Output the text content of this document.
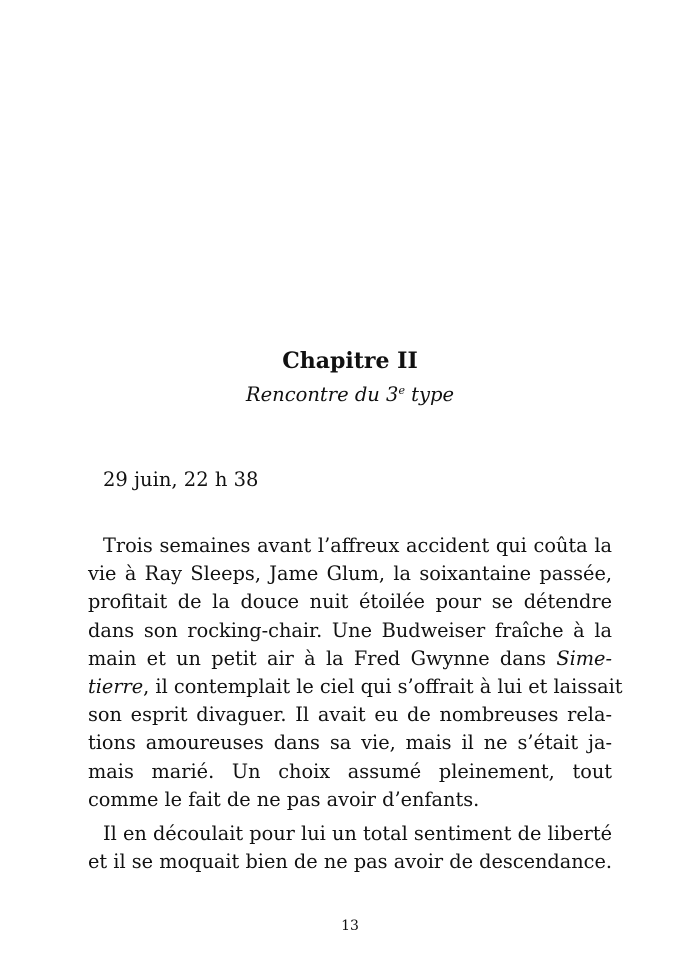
Chapitre II

Rencontre du 3e type

29 juin, 22 h 38

Trois semaines avant l’affreux accident qui coûta la
vie à Ray Sleeps, Jame Glum, la soixantaine passée,
profitait de la douce nuit étoilée pour se détendre
dans son rocking-chair. Une Budweiser fraîche à la
main et un petit air à la Fred Gwynne dans Sime-
tierre, il contemplait le ciel qui s’offrait à lui et laissait
son esprit divaguer. Il avait eu de nombreuses rela-
tions amoureuses dans sa vie, mais il ne s’était ja-
mais marié. Un choix assumé pleinement, tout
comme le fait de ne pas avoir d’enfants.
Il en découlait pour lui un total sentiment de liberté
et il se moquait bien de ne pas avoir de descendance.

13
